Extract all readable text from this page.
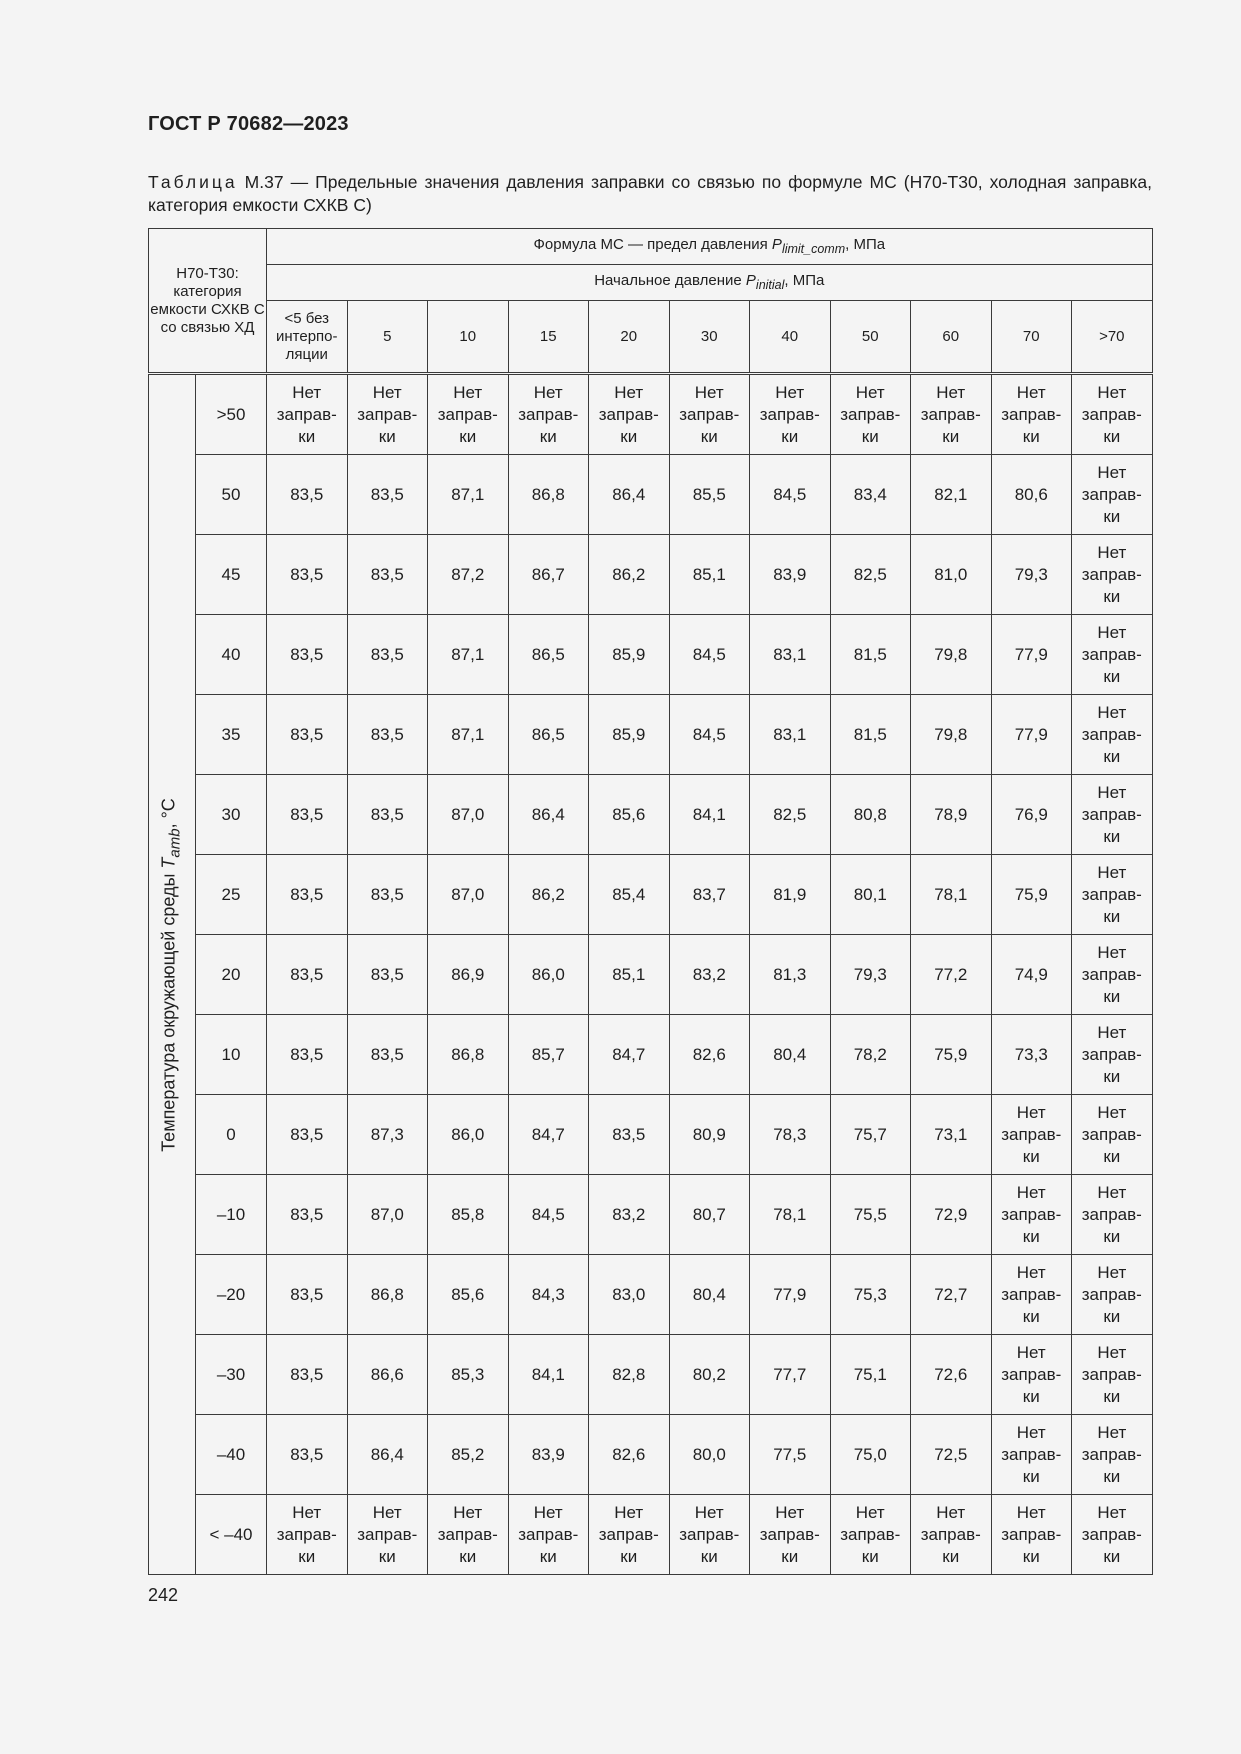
ГОСТ Р 70682—2023
Таблица М.37 — Предельные значения давления заправки со связью по формуле МС (Н70-Т30, холодная заправка, категория емкости СХКВ С)
Н70-Т30: категория емкости СХКВ С со связью ХД		Формула МС — предел давления $P_{limit\_comm}$, МПа										
		Начальное давление $P_{initial}$, МПа										
		<5 без интерпо-ляции	5	10	15	20	30	40	50	60	70	>70

Температура окружающей среды $T_{amb}$, °С	>50	Нет
заправ-
ки	Нет
заправ-
ки	Нет
заправ-
ки	Нет
заправ-
ки	Нет
заправ-
ки	Нет
заправ-
ки	Нет
заправ-
ки	Нет
заправ-
ки	Нет
заправ-
ки	Нет
заправ-
ки	Нет
заправ-
ки
	50	83,5	83,5	87,1	86,8	86,4	85,5	84,5	83,4	82,1	80,6	Нет
заправ-
ки
	45	83,5	83,5	87,2	86,7	86,2	85,1	83,9	82,5	81,0	79,3	Нет
заправ-
ки
	40	83,5	83,5	87,1	86,5	85,9	84,5	83,1	81,5	79,8	77,9	Нет
заправ-
ки
	35	83,5	83,5	87,1	86,5	85,9	84,5	83,1	81,5	79,8	77,9	Нет
заправ-
ки
	30	83,5	83,5	87,0	86,4	85,6	84,1	82,5	80,8	78,9	76,9	Нет
заправ-
ки
	25	83,5	83,5	87,0	86,2	85,4	83,7	81,9	80,1	78,1	75,9	Нет
заправ-
ки
	20	83,5	83,5	86,9	86,0	85,1	83,2	81,3	79,3	77,2	74,9	Нет
заправ-
ки
	10	83,5	83,5	86,8	85,7	84,7	82,6	80,4	78,2	75,9	73,3	Нет
заправ-
ки
	0	83,5	87,3	86,0	84,7	83,5	80,9	78,3	75,7	73,1	Нет
заправ-
ки	Нет
заправ-
ки
	–10	83,5	87,0	85,8	84,5	83,2	80,7	78,1	75,5	72,9	Нет
заправ-
ки	Нет
заправ-
ки
	–20	83,5	86,8	85,6	84,3	83,0	80,4	77,9	75,3	72,7	Нет
заправ-
ки	Нет
заправ-
ки
	–30	83,5	86,6	85,3	84,1	82,8	80,2	77,7	75,1	72,6	Нет
заправ-
ки	Нет
заправ-
ки
	–40	83,5	86,4	85,2	83,9	82,6	80,0	77,5	75,0	72,5	Нет
заправ-
ки	Нет
заправ-
ки
	< –40	Нет
заправ-
ки	Нет
заправ-
ки	Нет
заправ-
ки	Нет
заправ-
ки	Нет
заправ-
ки	Нет
заправ-
ки	Нет
заправ-
ки	Нет
заправ-
ки	Нет
заправ-
ки	Нет
заправ-
ки	Нет
заправ-
ки
242
